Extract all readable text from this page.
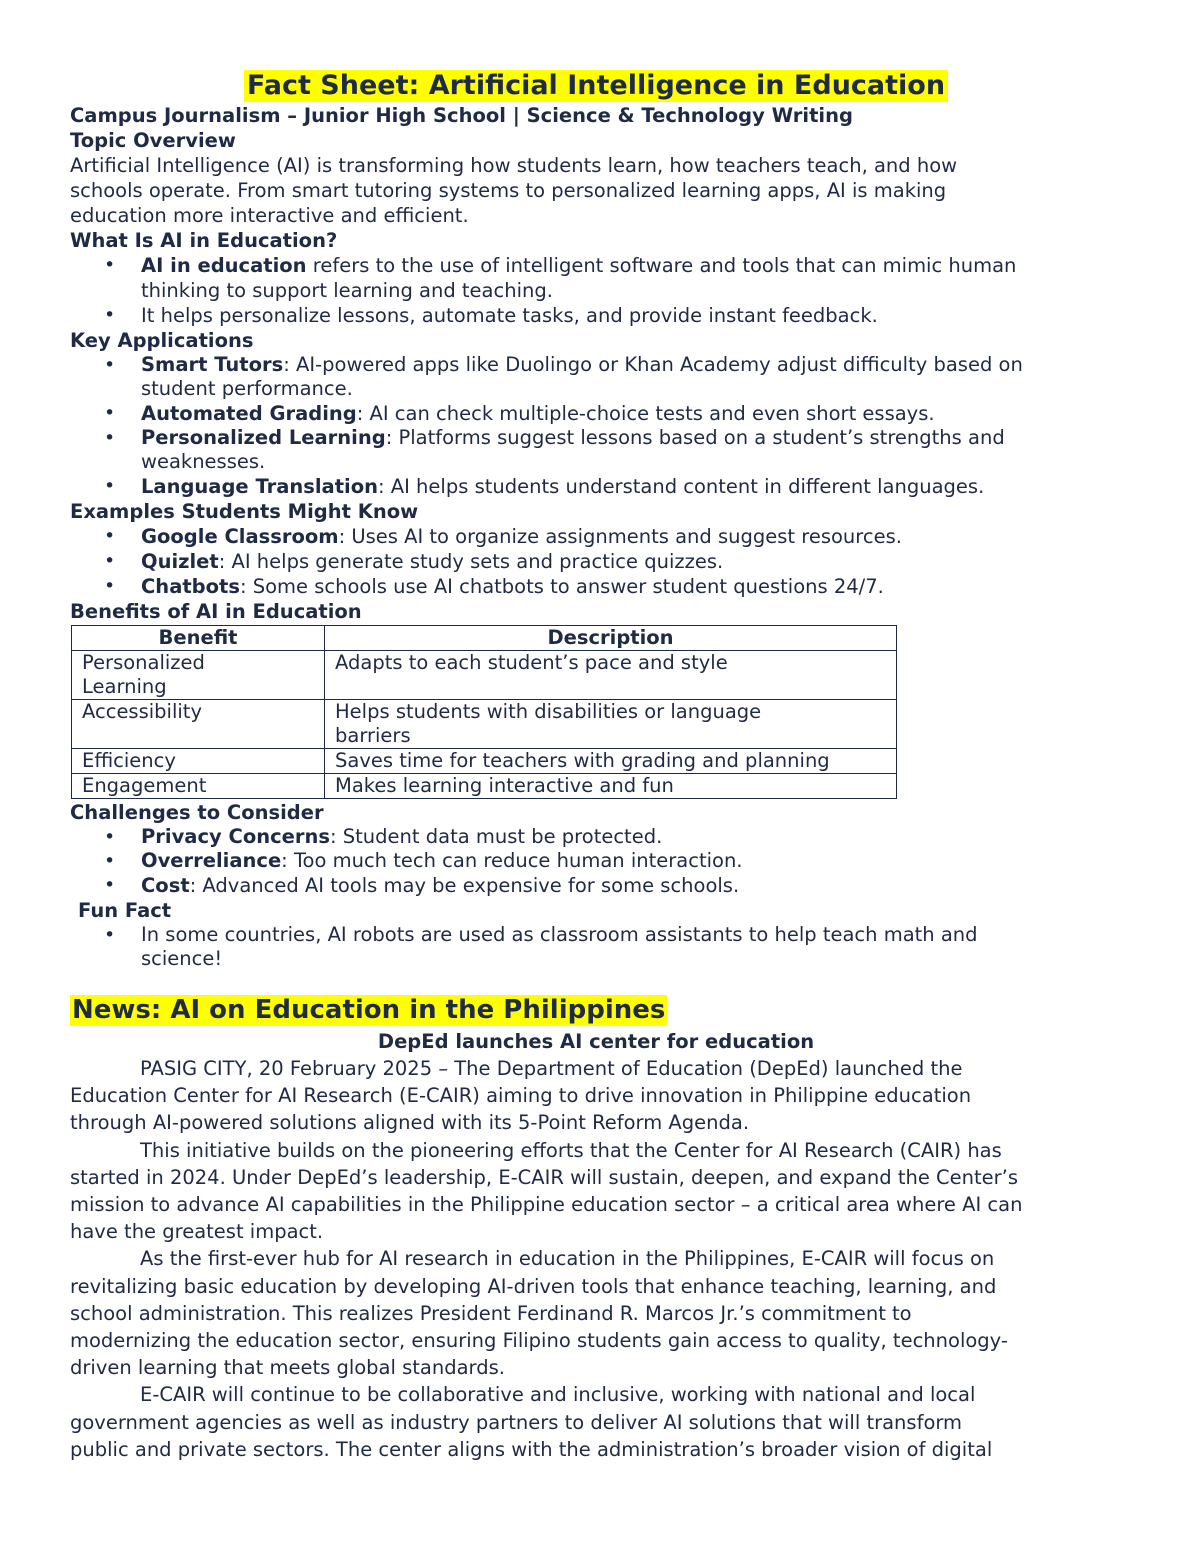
Fact Sheet: Artificial Intelligence in Education

Campus Journalism – Junior High School | Science & Technology Writing

Topic Overview

Artificial Intelligence (AI) is transforming how students learn, how teachers teach, and how

schools operate. From smart tutoring systems to personalized learning apps, AI is making

education more interactive and efficient.

What Is AI in Education?

• AI in education refers to the use of intelligent software and tools that can mimic human
thinking to support learning and teaching.
• It helps personalize lessons, automate tasks, and provide instant feedback.

Key Applications

• Smart Tutors: AI-powered apps like Duolingo or Khan Academy adjust difficulty based on
student performance.
• Automated Grading: AI can check multiple-choice tests and even short essays.
• Personalized Learning: Platforms suggest lessons based on a student’s strengths and
weaknesses.
• Language Translation: AI helps students understand content in different languages.

Examples Students Might Know

• Google Classroom: Uses AI to organize assignments and suggest resources.
• Quizlet: AI helps generate study sets and practice quizzes.
• Chatbots: Some schools use AI chatbots to answer student questions 24/7.

Benefits of AI in Education

Benefit	Description
Personalized
Learning	Adapts to each student’s pace and style
Accessibility	Helps students with disabilities or language
barriers
Efficiency	Saves time for teachers with grading and planning
Engagement	Makes learning interactive and fun

Challenges to Consider

• Privacy Concerns: Student data must be protected.
• Overreliance: Too much tech can reduce human interaction.
• Cost: Advanced AI tools may be expensive for some schools.

Fun Fact

• In some countries, AI robots are used as classroom assistants to help teach math and
science!
News: AI on Education in the Philippines
DepEd launches AI center for education

PASIG CITY, 20 February 2025 – The Department of Education (DepEd) launched the
Education Center for AI Research (E-CAIR) aiming to drive innovation in Philippine education
through AI-powered solutions aligned with its 5-Point Reform Agenda.

This initiative builds on the pioneering efforts that the Center for AI Research (CAIR) has
started in 2024. Under DepEd’s leadership, E-CAIR will sustain, deepen, and expand the Center’s
mission to advance AI capabilities in the Philippine education sector – a critical area where AI can
have the greatest impact.

As the first-ever hub for AI research in education in the Philippines, E-CAIR will focus on
revitalizing basic education by developing AI-driven tools that enhance teaching, learning, and
school administration. This realizes President Ferdinand R. Marcos Jr.’s commitment to
modernizing the education sector, ensuring Filipino students gain access to quality, technology-
driven learning that meets global standards.

E-CAIR will continue to be collaborative and inclusive, working with national and local
government agencies as well as industry partners to deliver AI solutions that will transform
public and private sectors. The center aligns with the administration’s broader vision of digital
